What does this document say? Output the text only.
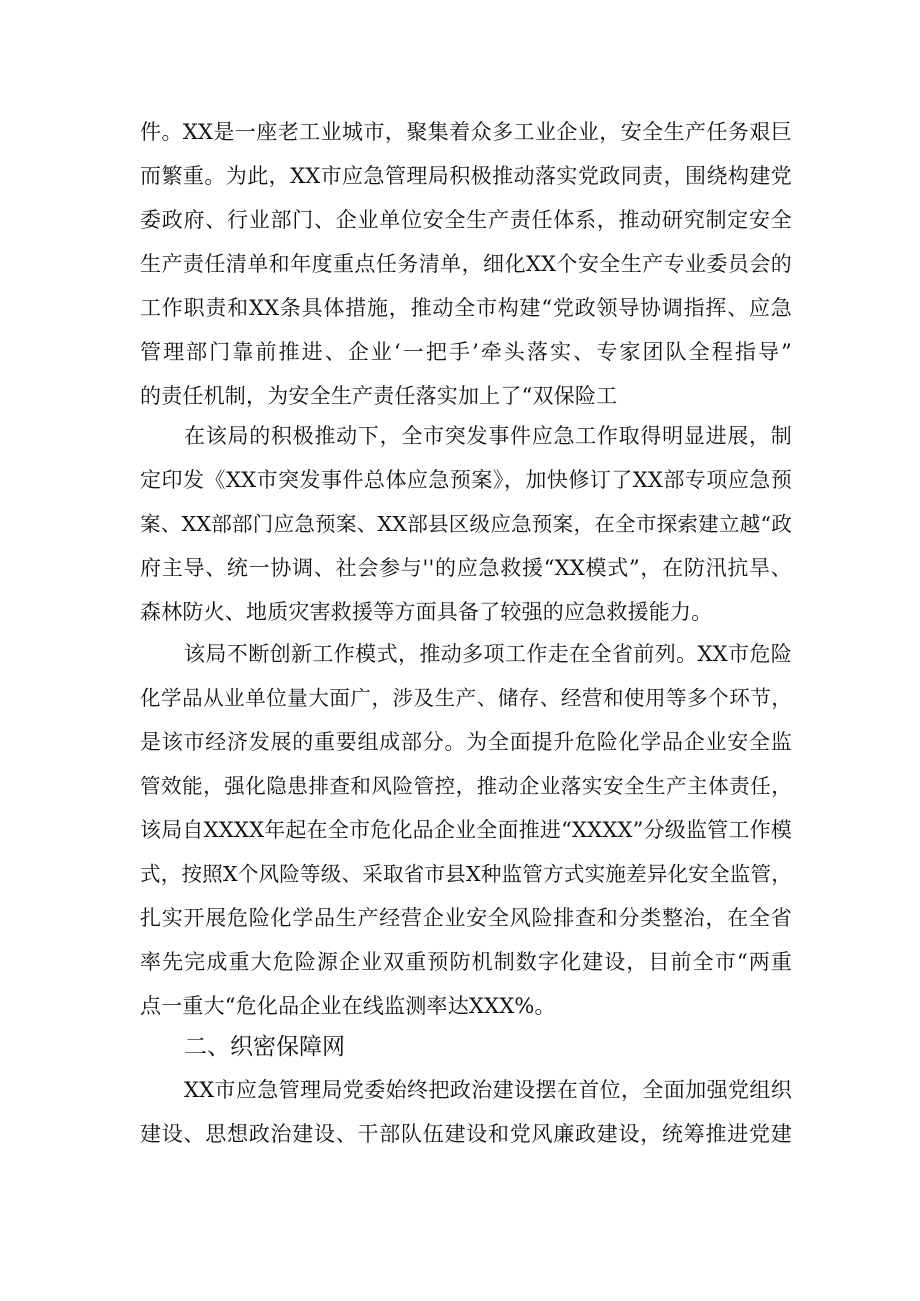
件。XX是一座老工业城市，聚集着众多工业企业，安全生产任务艰巨
而繁重。为此，XX市应急管理局积极推动落实党政同责，围绕构建党
委政府、行业部门、企业单位安全生产责任体系，推动研究制定安全
生产责任清单和年度重点任务清单，细化XX个安全生产专业委员会的
工作职责和XX条具体措施，推动全市构建“党政领导协调指挥、应急
管理部门靠前推进、企业‘一把手’牵头落实、专家团队全程指导”
的责任机制，为安全生产责任落实加上了“双保险工
在该局的积极推动下，全市突发事件应急工作取得明显进展，制
定印发《XX市突发事件总体应急预案》，加快修订了XX部专项应急预
案、XX部部门应急预案、XX部县区级应急预案，在全市探索建立越“政
府主导、统一协调、社会参与''的应急救援“XX模式”，在防汛抗旱、
森林防火、地质灾害救援等方面具备了较强的应急救援能力。
该局不断创新工作模式，推动多项工作走在全省前列。XX市危险
化学品从业单位量大面广，涉及生产、储存、经营和使用等多个环节，
是该市经济发展的重要组成部分。为全面提升危险化学品企业安全监
管效能，强化隐患排查和风险管控，推动企业落实安全生产主体责任，
该局自XXXX年起在全市危化品企业全面推进“XXXX”分级监管工作模
式，按照X个风险等级、采取省市县X种监管方式实施差异化安全监管，
扎实开展危险化学品生产经营企业安全风险排查和分类整治，在全省
率先完成重大危险源企业双重预防机制数字化建设，目前全市“两重
点一重大“危化品企业在线监测率达XXX%。
二、织密保障网
XX市应急管理局党委始终把政治建设摆在首位，全面加强党组织
建设、思想政治建设、干部队伍建设和党风廉政建设，统筹推进党建
